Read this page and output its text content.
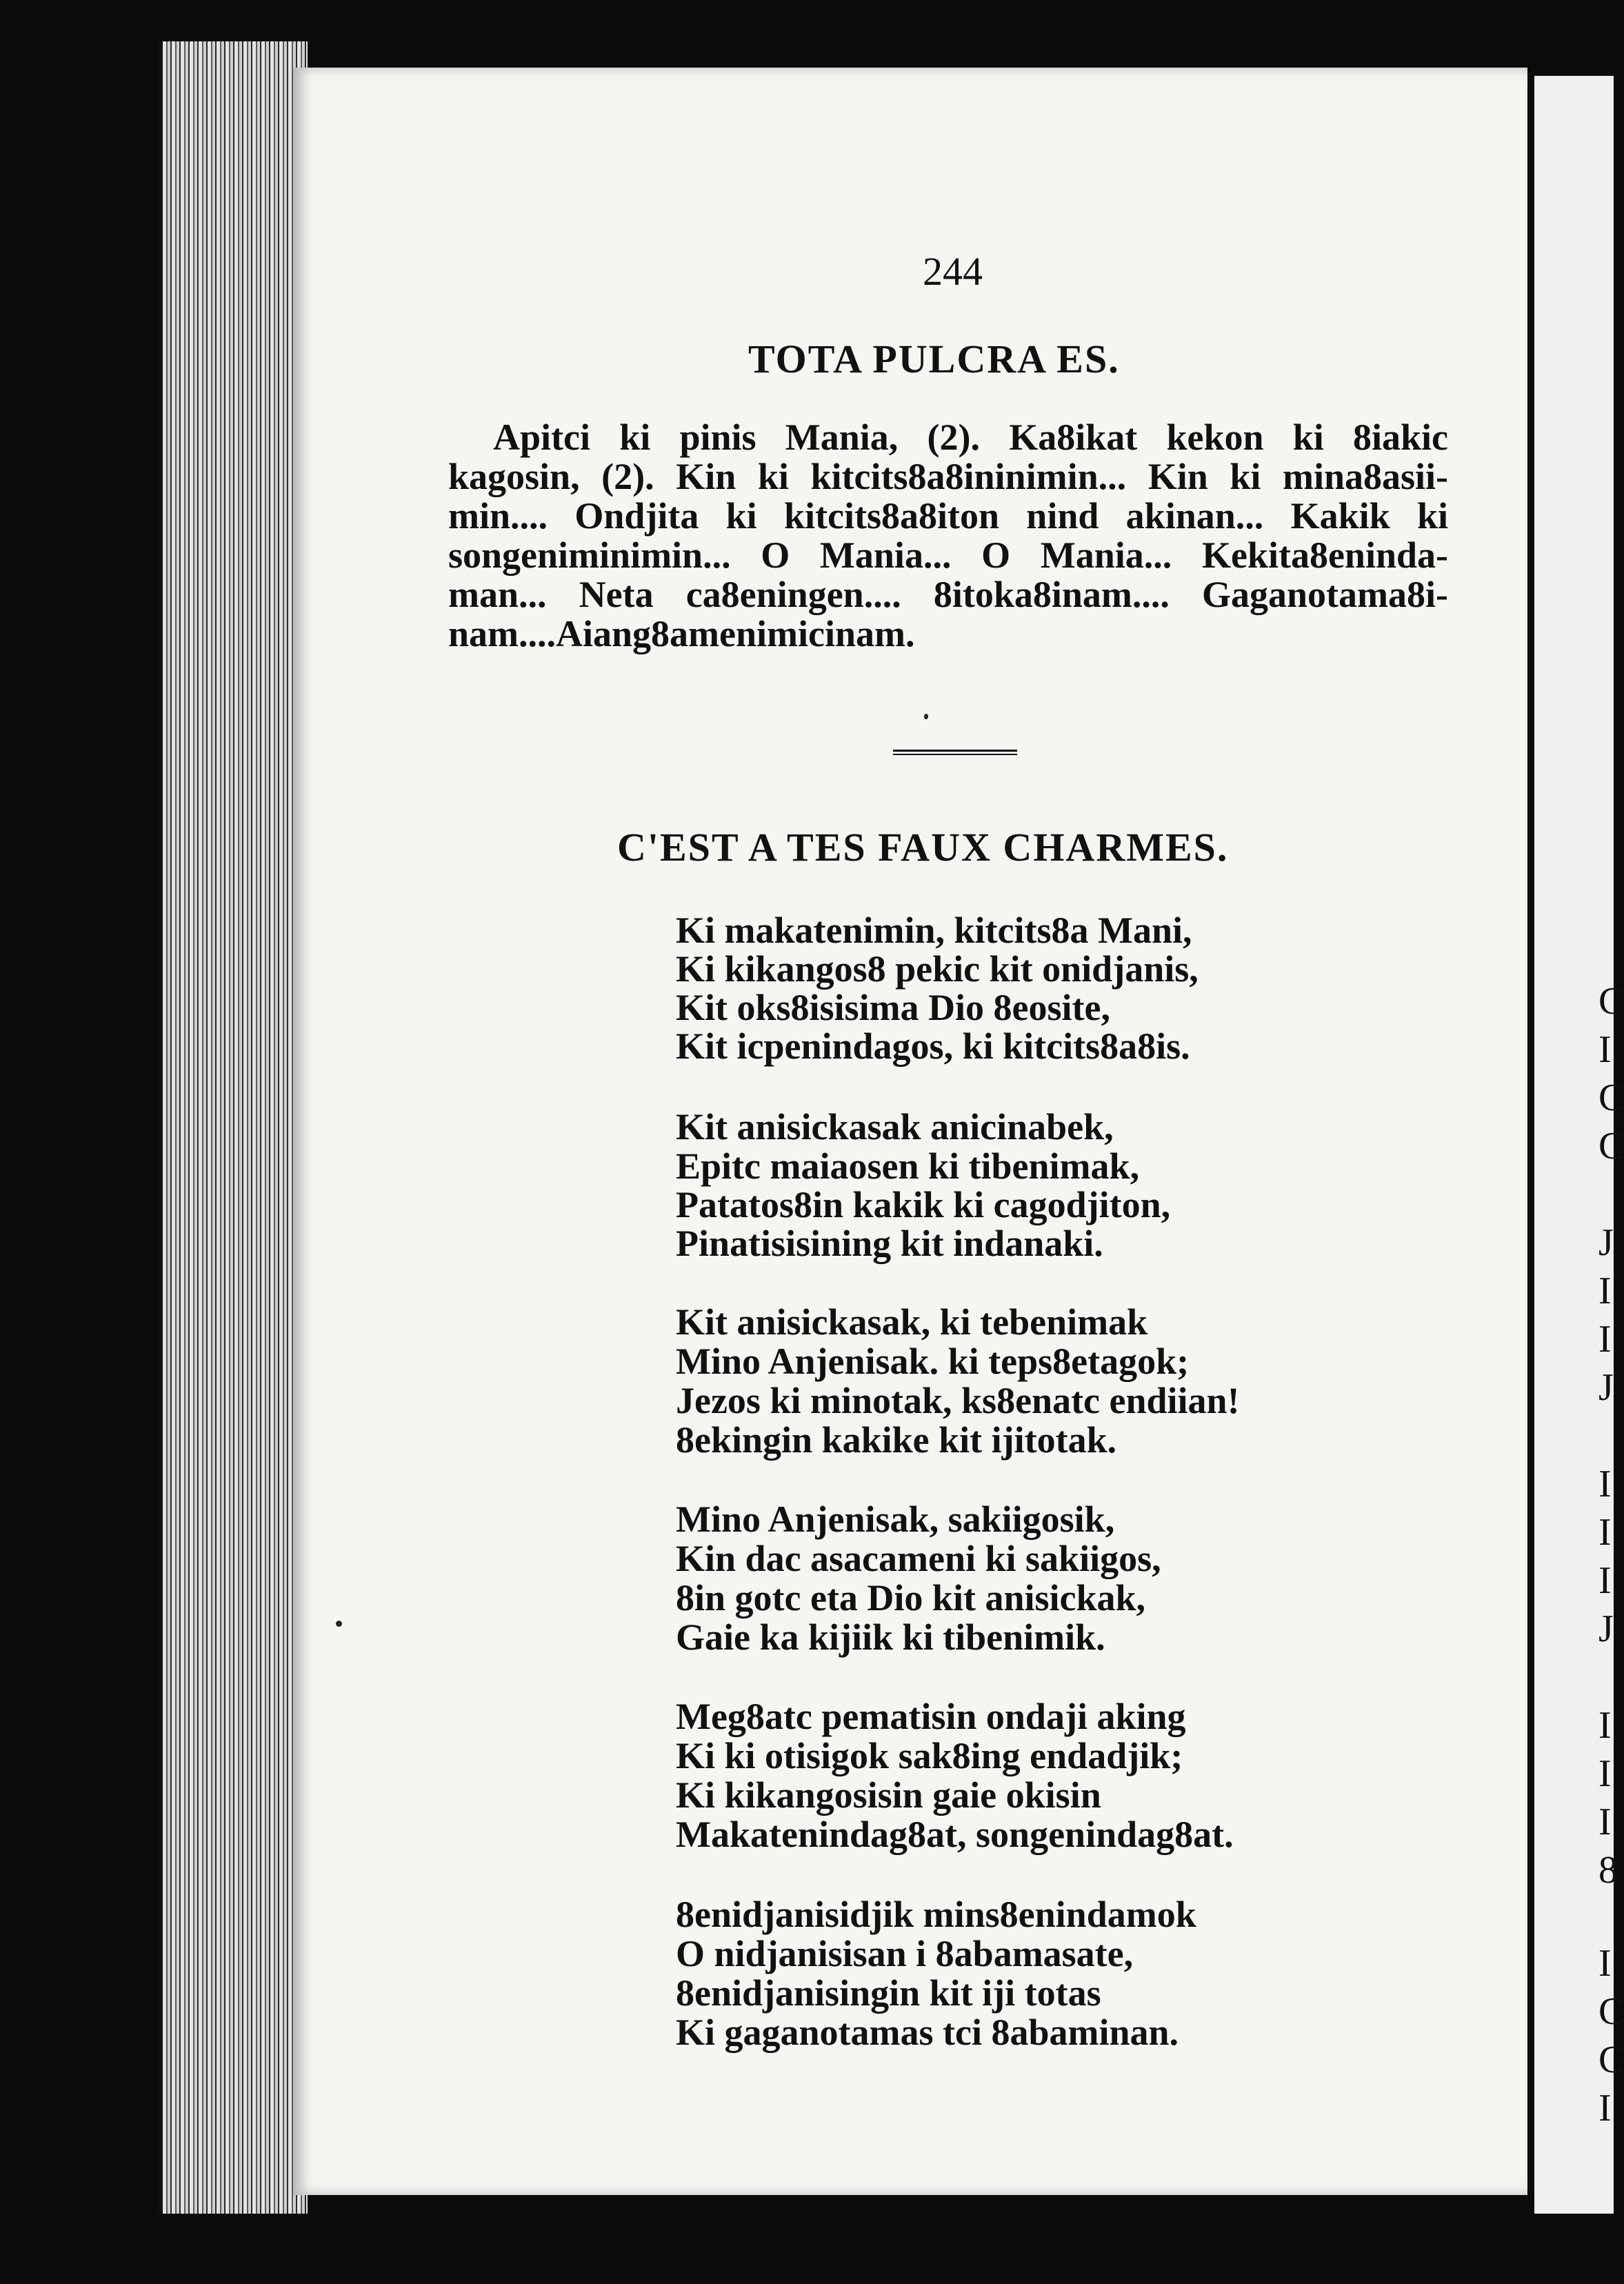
C
I
C
C
J
I
I
J
I
I
I
J
I
I
I
8
I
C
C
I
244
TOTA PULCRA ES.
Apitci ki pinis Mania, (2). Ka8ikat kekon ki 8iakic
kagosin, (2). Kin ki kitcits8a8ininimin... Kin ki mina8asii-
min.... Ondjita ki kitcits8a8iton nind akinan... Kakik ki
songeniminimin... O Mania... O Mania... Kekita8eninda-
man... Neta ca8eningen.... 8itoka8inam.... Gaganotama8i-
nam....Aiang8amenimicinam.
C'EST A TES FAUX CHARMES.
Ki makatenimin, kitcits8a Mani,
Ki kikangos8 pekic kit onidjanis,
Kit oks8isisima Dio 8eosite,
Kit icpenindagos, ki kitcits8a8is.
Kit anisickasak anicinabek,
Epitc maiaosen ki tibenimak,
Patatos8in kakik ki cagodjiton,
Pinatisisining kit indanaki.
Kit anisickasak, ki tebenimak
Mino Anjenisak. ki teps8etagok;
Jezos ki minotak, ks8enatc endiian!
8ekingin kakike kit ijitotak.
Mino Anjenisak, sakiigosik,
Kin dac asacameni ki sakiigos,
8in gotc eta Dio kit anisickak,
Gaie ka kijiik ki tibenimik.
Meg8atc pematisin ondaji aking
Ki ki otisigok sak8ing endadjik;
Ki kikangosisin gaie okisin
Makatenindag8at, songenindag8at.
8enidjanisidjik mins8enindamok
O nidjanisisan i 8abamasate,
8enidjanisingin kit iji totas
Ki gaganotamas tci 8abaminan.
